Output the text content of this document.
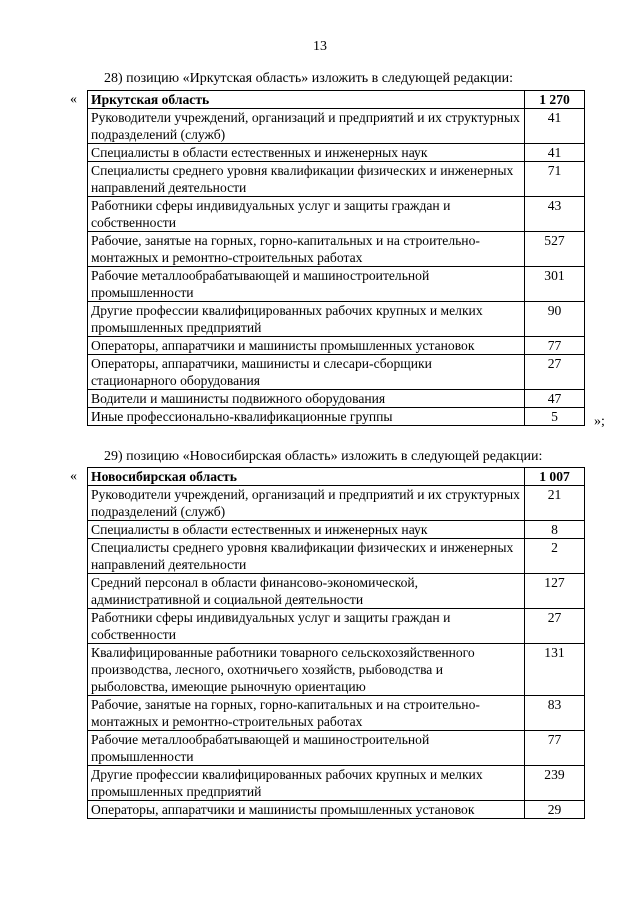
13
28) позицию «Иркутская область» изложить в следующей редакции:
« Иркутская область	1 270
Руководители учреждений, организаций и предприятий и их структурных подразделений (служб)	41
Специалисты в области естественных и инженерных наук	41
Специалисты среднего уровня квалификации физических и инженерных направлений деятельности	71
Работники сферы индивидуальных услуг и защиты граждан и собственности	43
Рабочие, занятые на горных, горно-капитальных и на строительно-монтажных и ремонтно-строительных работах	527
Рабочие металлообрабатывающей и машиностроительной промышленности	301
Другие профессии квалифицированных рабочих крупных и мелких промышленных предприятий	90
Операторы, аппаратчики и машинисты промышленных установок	77
Операторы, аппаратчики, машинисты и слесари-сборщики стационарного оборудования	27
Водители и машинисты подвижного оборудования	47
Иные профессионально-квалификационные группы	5	»;
29) позицию «Новосибирская область» изложить в следующей редакции:
« Новосибирская область	1 007
Руководители учреждений, организаций и предприятий и их структурных подразделений (служб)	21
Специалисты в области естественных и инженерных наук	8
Специалисты среднего уровня квалификации физических и инженерных направлений деятельности	2
Средний персонал в области финансово-экономической, административной и социальной деятельности	127
Работники сферы индивидуальных услуг и защиты граждан и собственности	27
Квалифицированные работники товарного сельскохозяйственного производства, лесного, охотничьего хозяйств, рыбоводства и рыболовства, имеющие рыночную ориентацию	131
Рабочие, занятые на горных, горно-капитальных и на строительно-монтажных и ремонтно-строительных работах	83
Рабочие металлообрабатывающей и машиностроительной промышленности	77
Другие профессии квалифицированных рабочих крупных и мелких промышленных предприятий	239
Операторы, аппаратчики и машинисты промышленных установок	29
